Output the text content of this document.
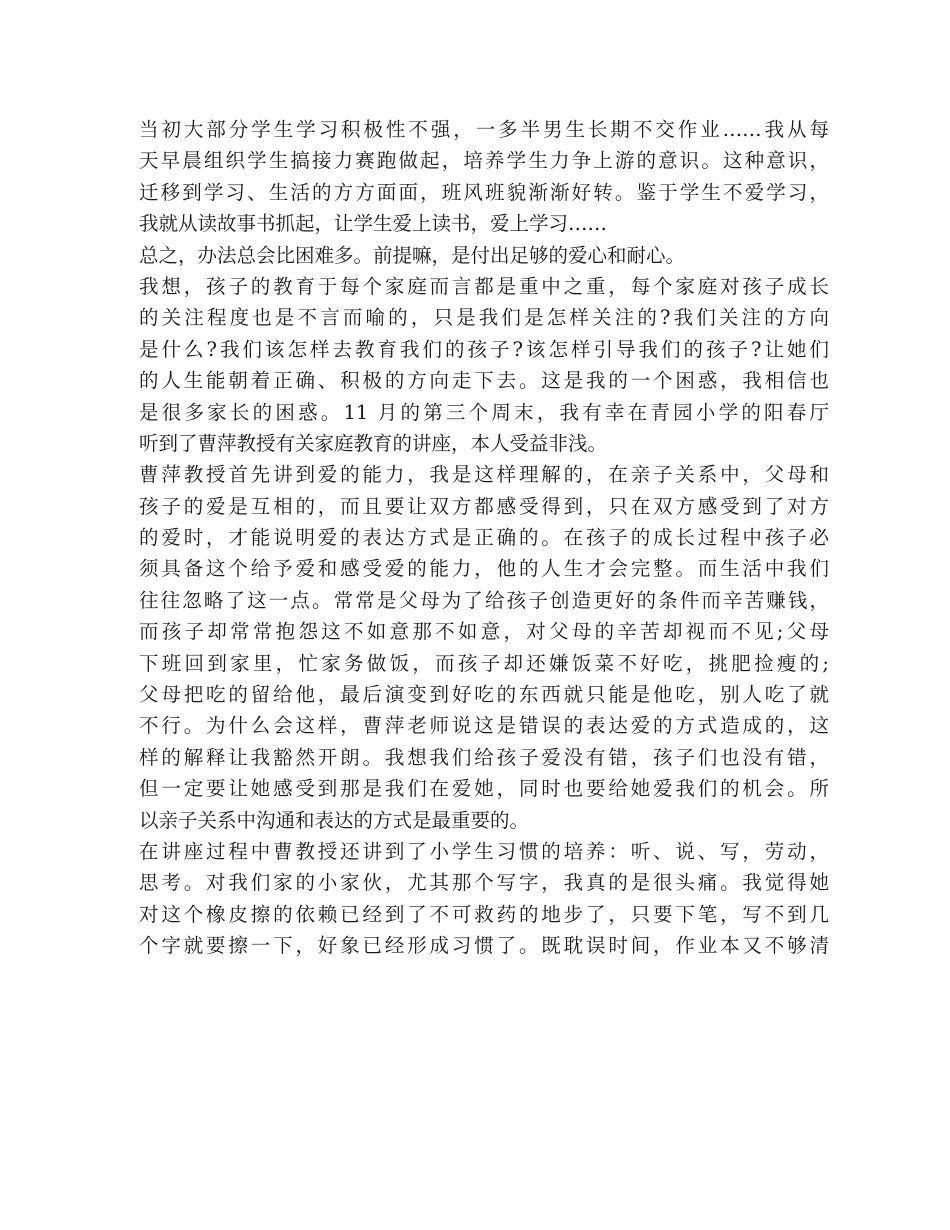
当初大部分学生学习积极性不强，一多半男生长期不交作业……我从每
天早晨组织学生搞接力赛跑做起，培养学生力争上游的意识。这种意识，
迁移到学习、生活的方方面面，班风班貌渐渐好转。鉴于学生不爱学习，
我就从读故事书抓起，让学生爱上读书，爱上学习……
总之，办法总会比困难多。前提嘛，是付出足够的爱心和耐心。
我想，孩子的教育于每个家庭而言都是重中之重，每个家庭对孩子成长
的关注程度也是不言而喻的，只是我们是怎样关注的?我们关注的方向
是什么?我们该怎样去教育我们的孩子?该怎样引导我们的孩子?让她们
的人生能朝着正确、积极的方向走下去。这是我的一个困惑，我相信也
是很多家长的困惑。11 月的第三个周末，我有幸在青园小学的阳春厅
听到了曹萍教授有关家庭教育的讲座，本人受益非浅。
曹萍教授首先讲到爱的能力，我是这样理解的，在亲子关系中，父母和
孩子的爱是互相的，而且要让双方都感受得到，只在双方感受到了对方
的爱时，才能说明爱的表达方式是正确的。在孩子的成长过程中孩子必
须具备这个给予爱和感受爱的能力，他的人生才会完整。而生活中我们
往往忽略了这一点。常常是父母为了给孩子创造更好的条件而辛苦赚钱，
而孩子却常常抱怨这不如意那不如意，对父母的辛苦却视而不见;父母
下班回到家里，忙家务做饭，而孩子却还嫌饭菜不好吃，挑肥捡瘦的;
父母把吃的留给他，最后演变到好吃的东西就只能是他吃，别人吃了就
不行。为什么会这样，曹萍老师说这是错误的表达爱的方式造成的，这
样的解释让我豁然开朗。我想我们给孩子爱没有错，孩子们也没有错，
但一定要让她感受到那是我们在爱她，同时也要给她爱我们的机会。所
以亲子关系中沟通和表达的方式是最重要的。
在讲座过程中曹教授还讲到了小学生习惯的培养：听、说、写，劳动，
思考。对我们家的小家伙，尤其那个写字，我真的是很头痛。我觉得她
对这个橡皮擦的依赖已经到了不可救药的地步了，只要下笔，写不到几
个字就要擦一下，好象已经形成习惯了。既耽误时间，作业本又不够清
